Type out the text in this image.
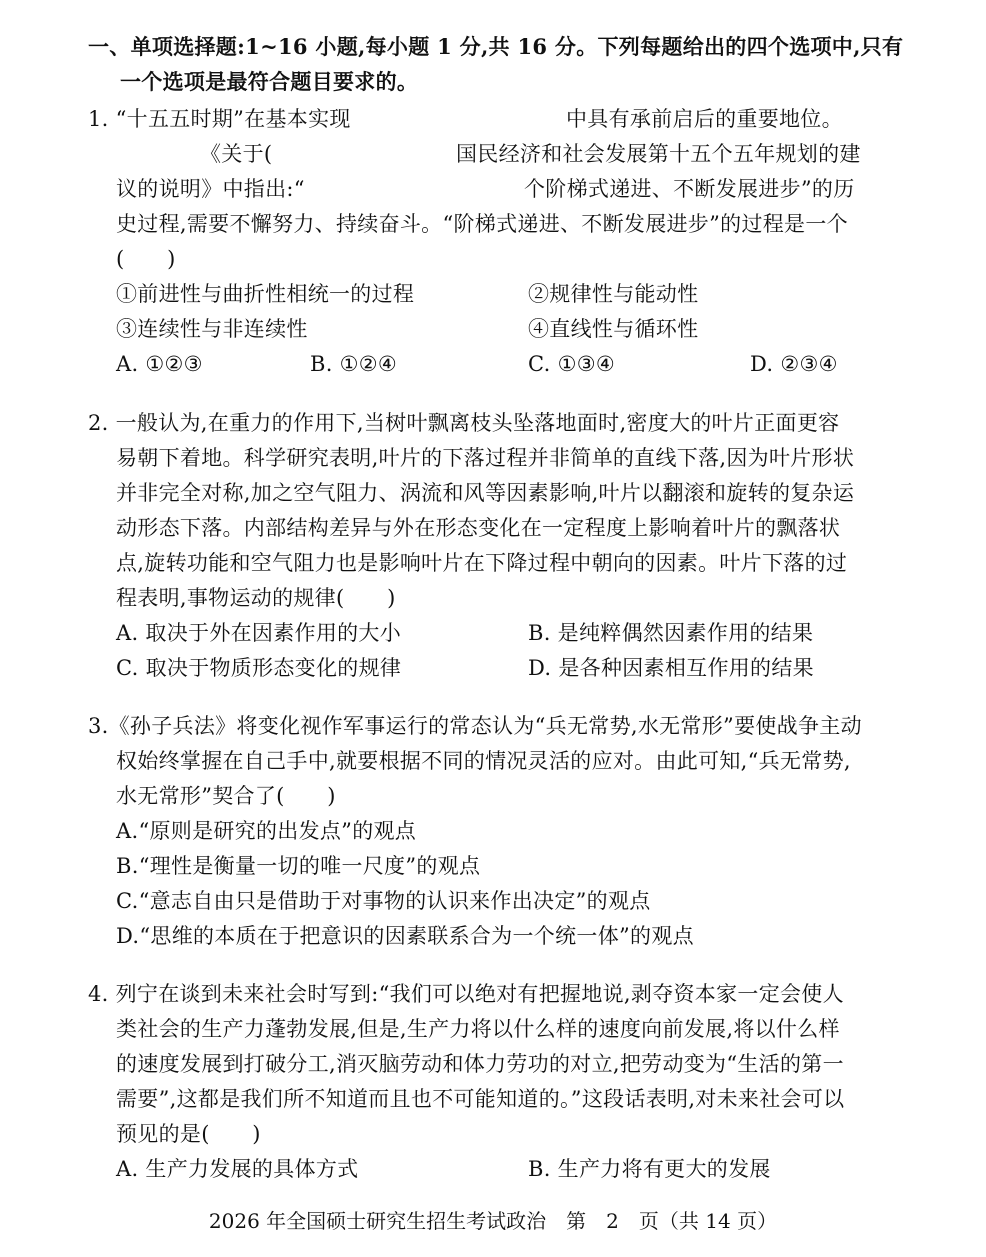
一、单项选择题:1~16 小题,每小题 1 分,共 16 分。下列每题给出的四个选项中,只有
一个选项是最符合题目要求的。
1. “十五五时期”在基本实现	中具有承前启后的重要地位。
《关于(	国民经济和社会发展第十五个五年规划的建
议的说明》中指出:“	个阶梯式递进、不断发展进步”的历
史过程,需要不懈努力、持续奋斗。“阶梯式递进、不断发展进步”的过程是一个
(　　)
①前进性与曲折性相统一的过程	②规律性与能动性
③连续性与非连续性	④直线性与循环性
A. ①②③	B. ①②④	C. ①③④	D. ②③④
2. 一般认为,在重力的作用下,当树叶飘离枝头坠落地面时,密度大的叶片正面更容
易朝下着地。科学研究表明,叶片的下落过程并非简单的直线下落,因为叶片形状
并非完全对称,加之空气阻力、涡流和风等因素影响,叶片以翻滚和旋转的复杂运
动形态下落。内部结构差异与外在形态变化在一定程度上影响着叶片的飘落状
点,旋转功能和空气阻力也是影响叶片在下降过程中朝向的因素。叶片下落的过
程表明,事物运动的规律(　　)
A. 取决于外在因素作用的大小	B. 是纯粹偶然因素作用的结果
C. 取决于物质形态变化的规律	D. 是各种因素相互作用的结果
3.《孙子兵法》将变化视作军事运行的常态认为“兵无常势,水无常形”要使战争主动
权始终掌握在自己手中,就要根据不同的情况灵活的应对。由此可知,“兵无常势,
水无常形”契合了(　　)
A.“原则是研究的出发点”的观点
B.“理性是衡量一切的唯一尺度”的观点
C.“意志自由只是借助于对事物的认识来作出决定”的观点
D.“思维的本质在于把意识的因素联系合为一个统一体”的观点
4. 列宁在谈到未来社会时写到:“我们可以绝对有把握地说,剥夺资本家一定会使人
类社会的生产力蓬勃发展,但是,生产力将以什么样的速度向前发展,将以什么样
的速度发展到打破分工,消灭脑劳动和体力劳功的对立,把劳动变为“生活的第一
需要”,这都是我们所不知道而且也不可能知道的。”这段话表明,对未来社会可以
预见的是(　　)
A. 生产力发展的具体方式	B. 生产力将有更大的发展
2026 年全国硕士研究生招生考试政治　第　2　页（共 14 页）
